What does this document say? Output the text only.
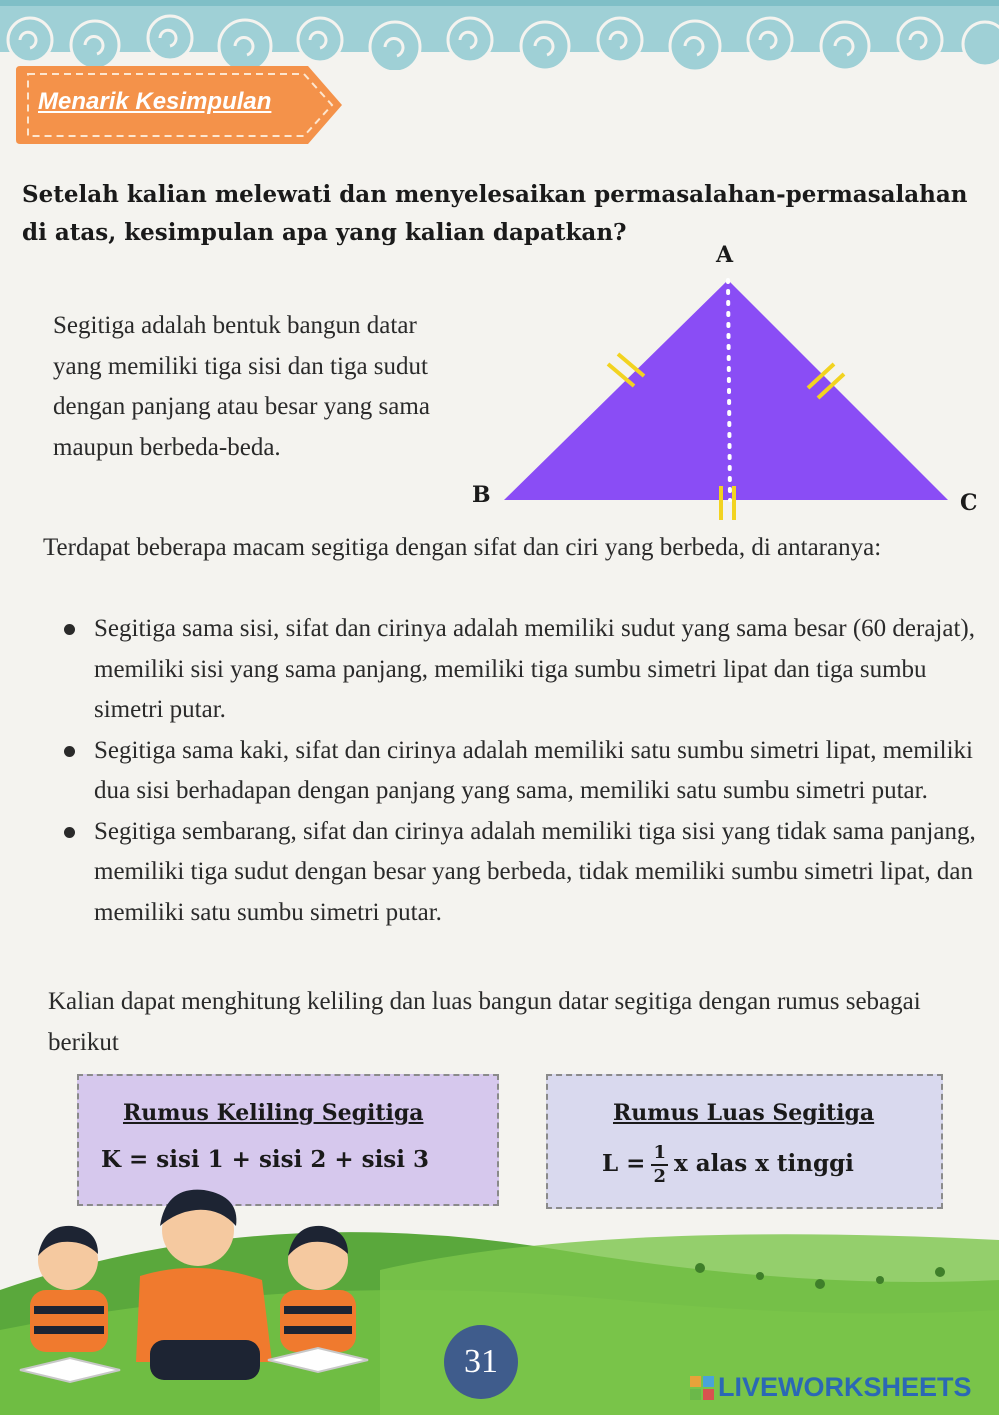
Menarik Kesimpulan
Setelah kalian melewati dan menyelesaikan permasalahan-permasalahan di atas, kesimpulan apa yang kalian dapatkan?
Segitiga adalah bentuk bangun datar yang memiliki tiga sisi dan tiga sudut dengan panjang atau besar yang sama maupun berbeda-beda.
A
B	C
Terdapat beberapa macam segitiga dengan sifat dan ciri yang berbeda, di antaranya:
Segitiga sama sisi, sifat dan cirinya adalah memiliki sudut yang sama besar (60 derajat), memiliki sisi yang sama panjang, memiliki tiga sumbu simetri lipat dan tiga sumbu simetri putar.
Segitiga sama kaki, sifat dan cirinya adalah memiliki satu sumbu simetri lipat, memiliki dua sisi berhadapan dengan panjang yang sama, memiliki satu sumbu simetri putar.
Segitiga sembarang, sifat dan cirinya adalah memiliki tiga sisi yang tidak sama panjang, memiliki tiga sudut dengan besar yang berbeda, tidak memiliki sumbu simetri lipat, dan memiliki satu sumbu simetri putar.
Kalian dapat menghitung keliling dan luas bangun datar segitiga dengan rumus sebagai berikut
Rumus Keliling Segitiga
K = sisi 1 + sisi 2 + sisi 3
Rumus Luas Segitiga
$L = \frac{1}{2}$ x alas x tinggi
31
LIVEWORKSHEETS
